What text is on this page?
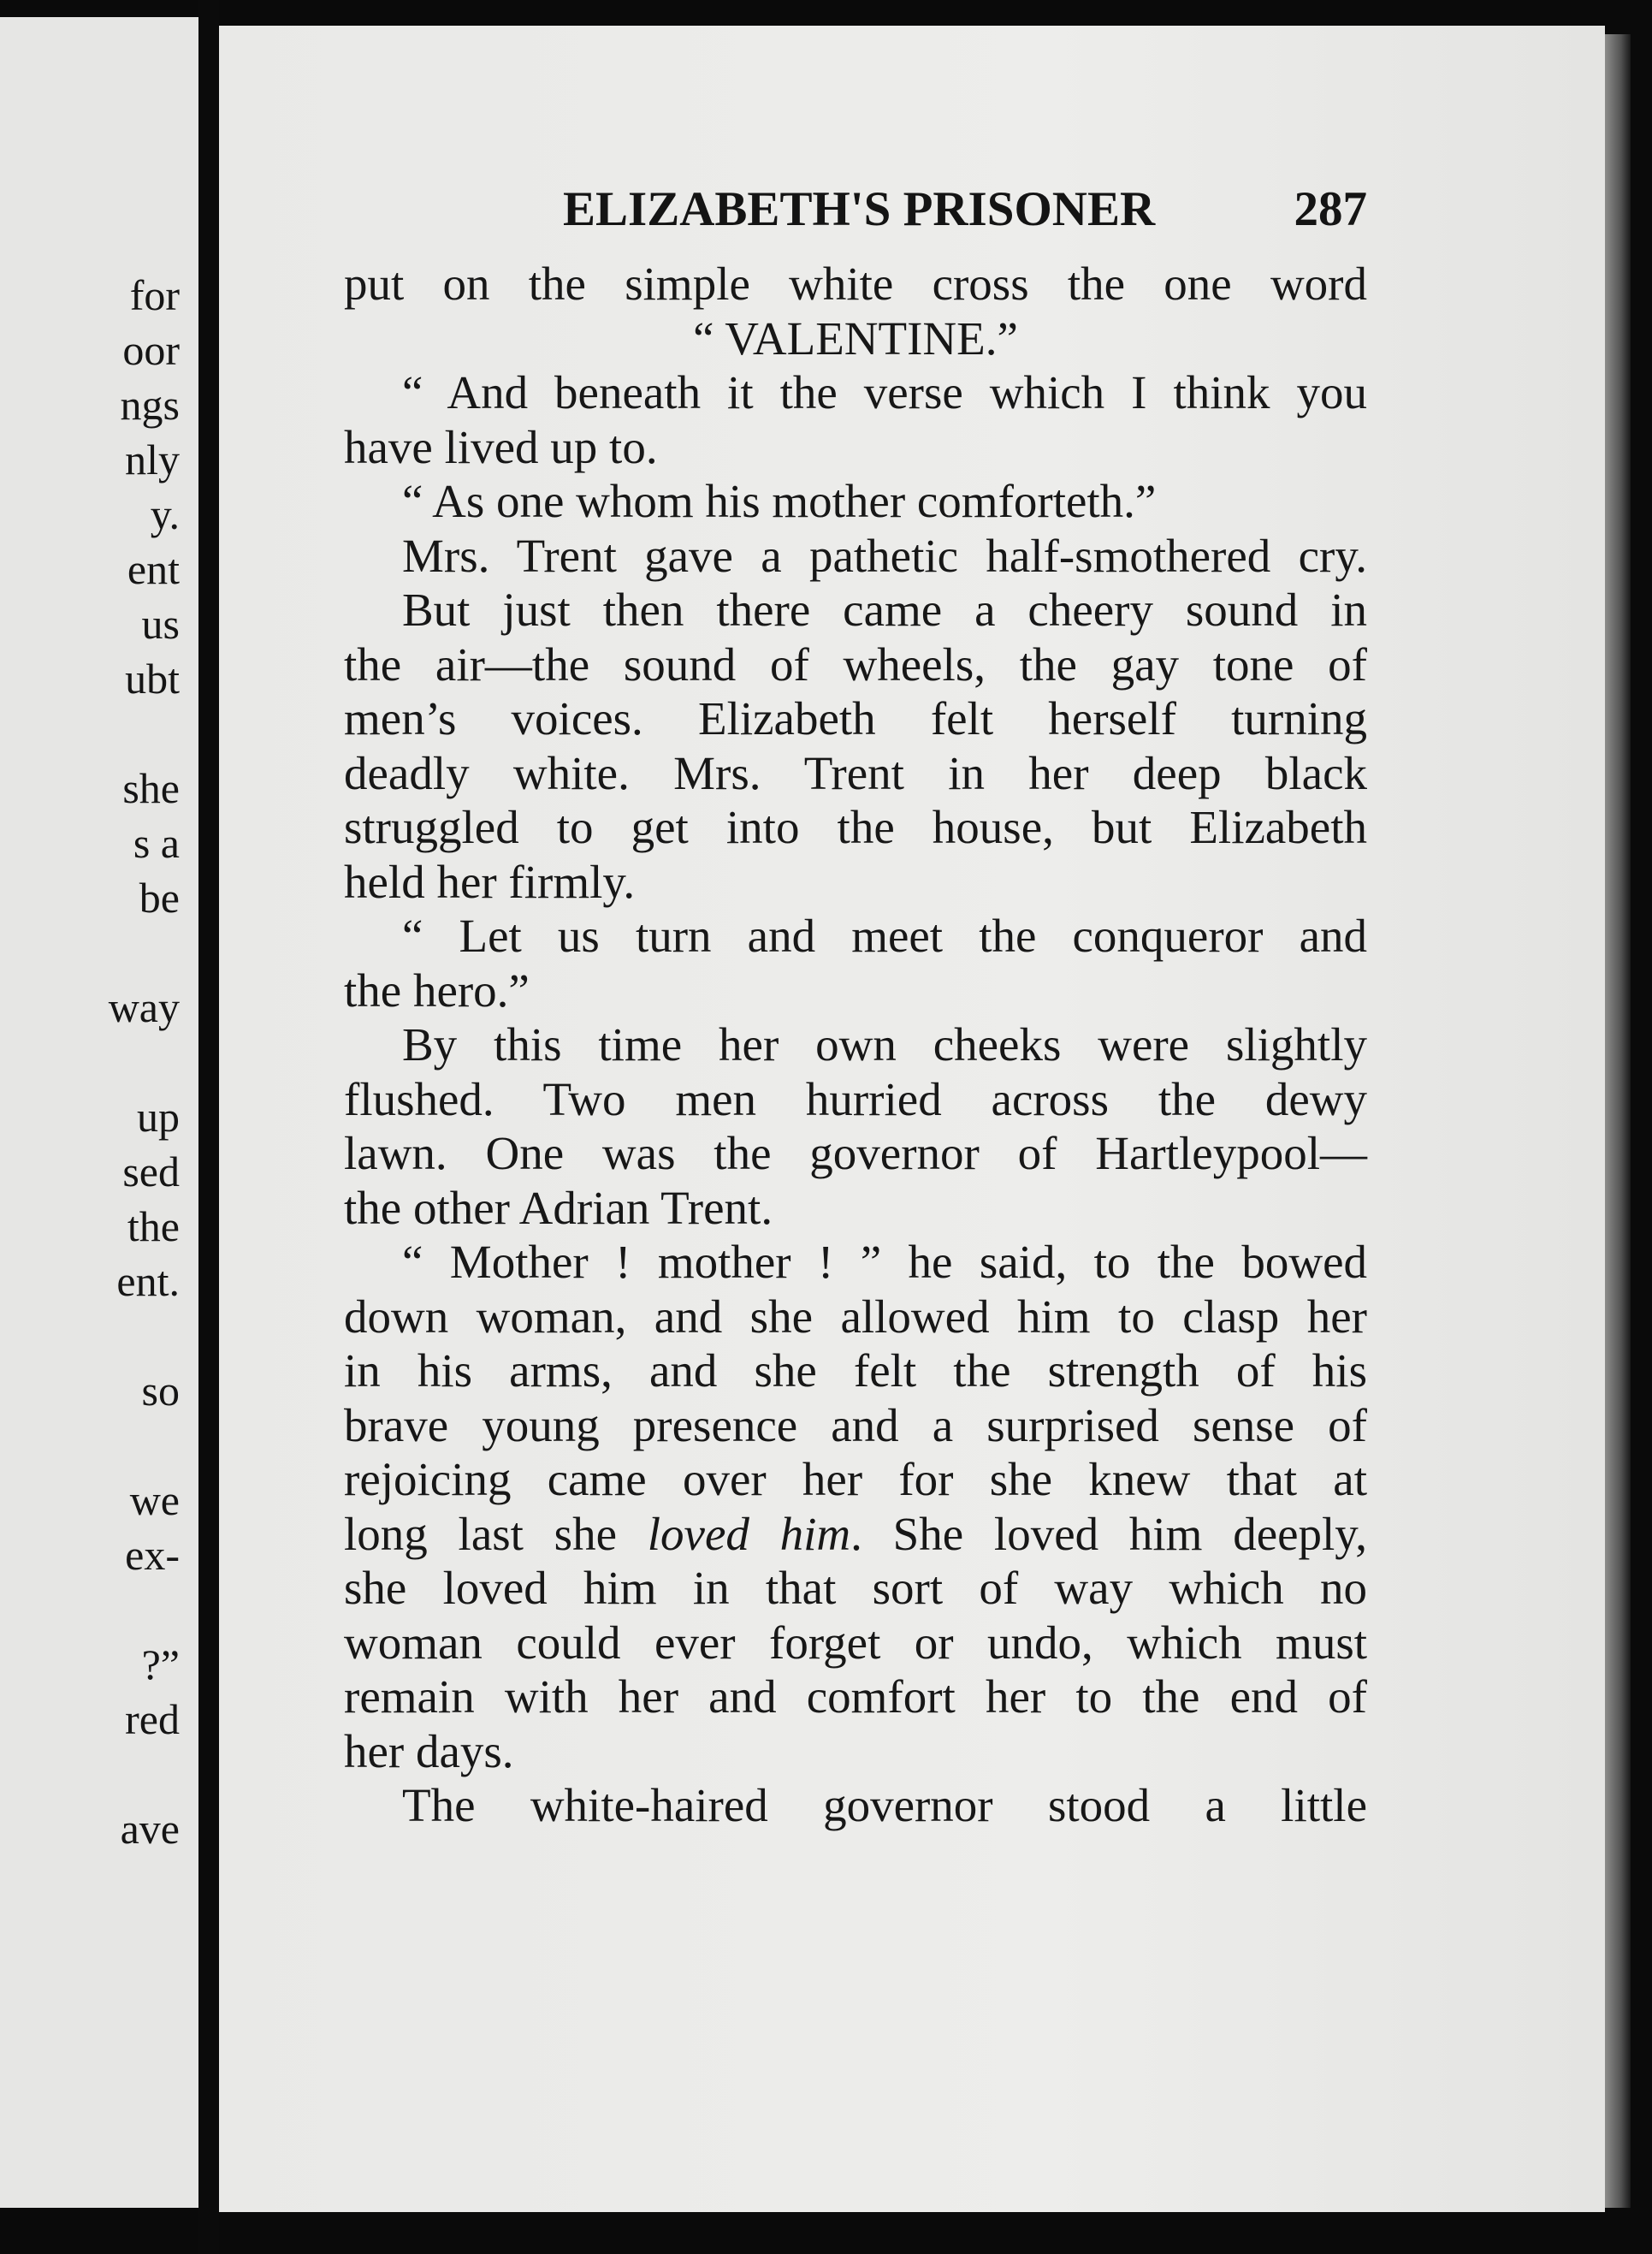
for
oor
ngs
nly
y.
ent
us
ubt
she
s a
be
way
up
sed
the
ent.
so
we
ex-
?”
red
ave
ELIZABETH'S PRISONER	287
put on the simple white cross the one word
“ VALENTINE.”
“ And beneath it the verse which I think you
have lived up to.
“ As one whom his mother comforteth.”
Mrs. Trent gave a pathetic half-smothered cry.
But just then there came a cheery sound in
the air—the sound of wheels, the gay tone of
men’s voices. Elizabeth felt herself turning
deadly white. Mrs. Trent in her deep black
struggled to get into the house, but Elizabeth
held her firmly.
“ Let us turn and meet the conqueror and
the hero.”
By this time her own cheeks were slightly
flushed. Two men hurried across the dewy
lawn. One was the governor of Hartleypool—
the other Adrian Trent.
“ Mother ! mother ! ” he said, to the bowed
down woman, and she allowed him to clasp her
in his arms, and she felt the strength of his
brave young presence and a surprised sense of
rejoicing came over her for she knew that at
long last she loved him. She loved him deeply,
she loved him in that sort of way which no
woman could ever forget or undo, which must
remain with her and comfort her to the end of
her days.
The white-haired governor stood a little
